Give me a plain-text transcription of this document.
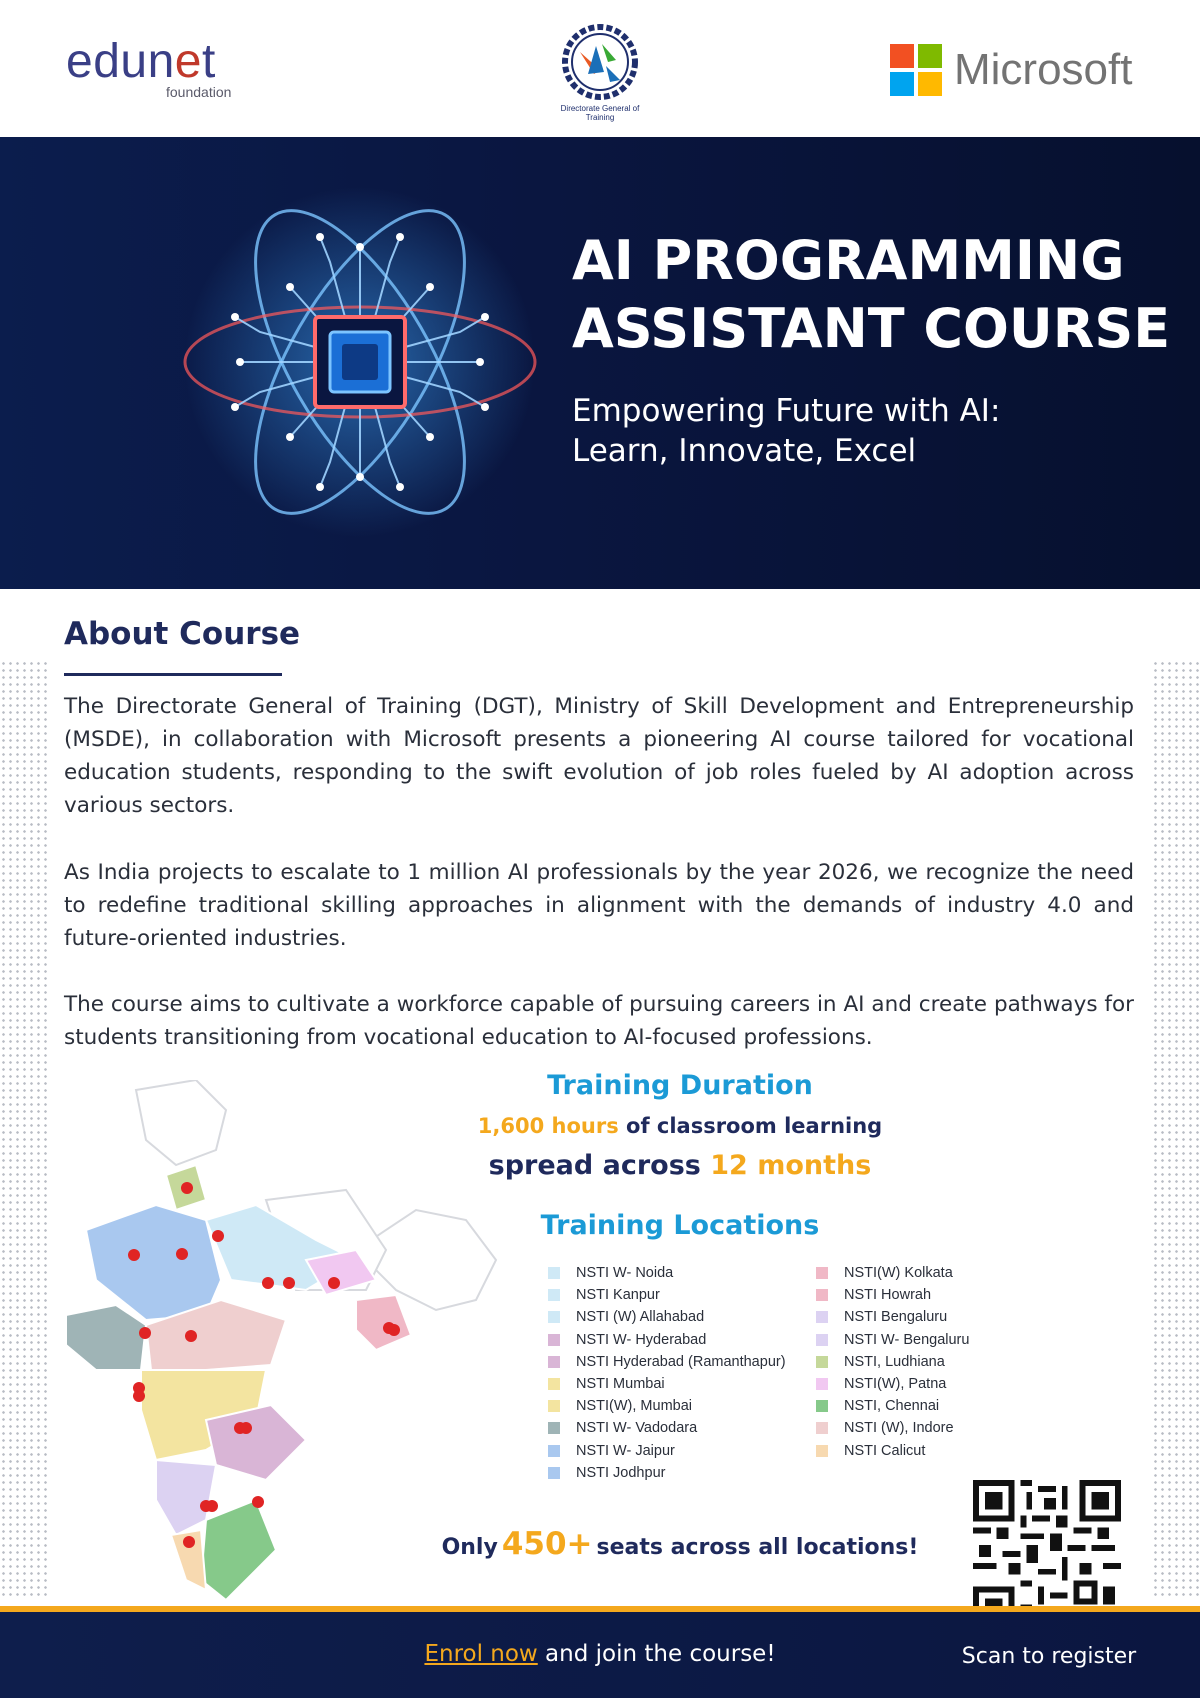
edunet
foundation
Directorate General of Training
Microsoft
AI PROGRAMMING
ASSISTANT COURSE
Empowering Future with AI:
Learn, Innovate, Excel
About Course

The Directorate General of Training (DGT), Ministry of Skill Development and Entrepreneurship (MSDE), in collaboration with Microsoft presents a pioneering AI course tailored for vocational education students, responding to the swift evolution of job roles fueled by AI adoption across various sectors.

As India projects to escalate to 1 million AI professionals by the year 2026, we recognize the need to redefine traditional skilling approaches in alignment with the demands of industry 4.0 and future-oriented industries.

The course aims to cultivate a workforce capable of pursuing careers in AI and create pathways for students transitioning from vocational education to AI-focused professions.

Training Duration
1,600 hours of classroom learning
spread across 12 months
Training Locations
NSTI W- Noida
NSTI Kanpur
NSTI (W) Allahabad
NSTI W- Hyderabad
NSTI Hyderabad (Ramanthapur)
NSTI Mumbai
NSTI(W), Mumbai
NSTI W- Vadodara
NSTI W- Jaipur
NSTI Jodhpur
NSTI(W) Kolkata
NSTI Howrah
NSTI Bengaluru
NSTI W- Bengaluru
NSTI, Ludhiana
NSTI(W), Patna
NSTI, Chennai
NSTI (W), Indore
NSTI Calicut
Only 450+ seats across all locations!
Enrol now and join the course!	Scan to register
